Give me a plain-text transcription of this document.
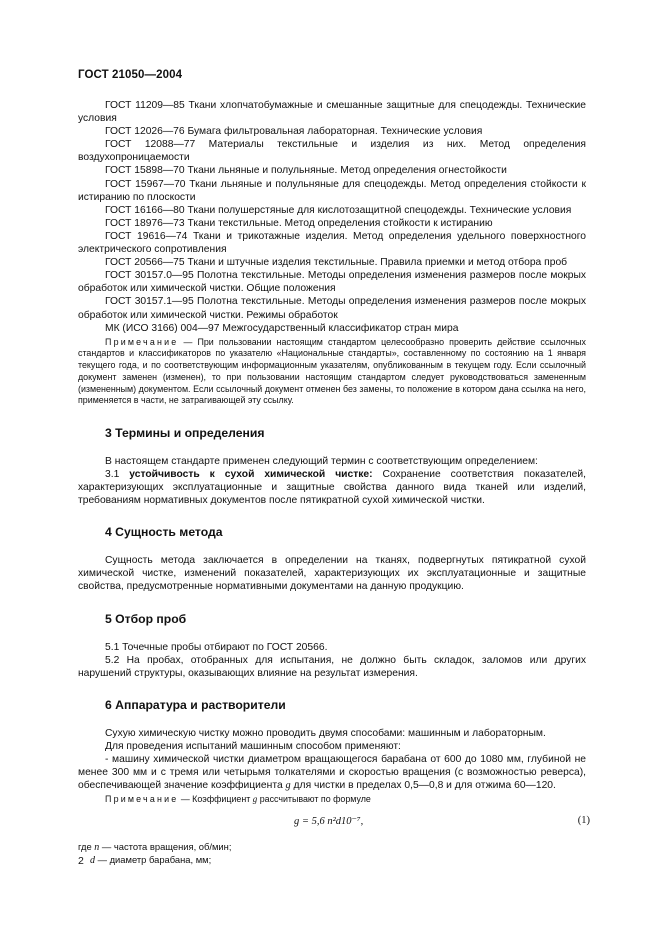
ГОСТ 21050—2004

ГОСТ 11209—85 Ткани хлопчатобумажные и смешанные защитные для спецодежды. Технические условия

ГОСТ 12026—76 Бумага фильтровальная лабораторная. Технические условия

ГОСТ 12088—77 Материалы текстильные и изделия из них. Метод определения воздухопроницаемости

ГОСТ 15898—70 Ткани льняные и полульняные. Метод определения огнестойкости

ГОСТ 15967—70 Ткани льняные и полульняные для спецодежды. Метод определения стойкости к истиранию по плоскости

ГОСТ 16166—80 Ткани полушерстяные для кислотозащитной спецодежды. Технические условия

ГОСТ 18976—73 Ткани текстильные. Метод определения стойкости к истиранию

ГОСТ 19616—74 Ткани и трикотажные изделия. Метод определения удельного поверхностного электрического сопротивления

ГОСТ 20566—75 Ткани и штучные изделия текстильные. Правила приемки и метод отбора проб

ГОСТ 30157.0—95 Полотна текстильные. Методы определения изменения размеров после мокрых обработок или химической чистки. Общие положения

ГОСТ 30157.1—95 Полотна текстильные. Методы определения изменения размеров после мокрых обработок или химической чистки. Режимы обработок

МК (ИСО 3166) 004—97 Межгосударственный классификатор стран мира

Примечание — При пользовании настоящим стандартом целесообразно проверить действие ссылочных стандартов и классификаторов по указателю «Национальные стандарты», составленному по состоянию на 1 января текущего года, и по соответствующим информационным указателям, опубликованным в текущем году. Если ссылочный документ заменен (изменен), то при пользовании настоящим стандартом следует руководствоваться замененным (измененным) документом. Если ссылочный документ отменен без замены, то положение в котором дана ссылка на него, применяется в части, не затрагивающей эту ссылку.

3 Термины и определения

В настоящем стандарте применен следующий термин с соответствующим определением:

3.1 устойчивость к сухой химической чистке: Сохранение соответствия показателей, характеризующих эксплуатационные и защитные свойства данного вида тканей или изделий, требованиям нормативных документов после пятикратной сухой химической чистки.

4 Сущность метода

Сущность метода заключается в определении на тканях, подвергнутых пятикратной сухой химической чистке, изменений показателей, характеризующих их эксплуатационные и защитные свойства, предусмотренные нормативными документами на данную продукцию.

5 Отбор проб

5.1 Точечные пробы отбирают по ГОСТ 20566.

5.2 На пробах, отобранных для испытания, не должно быть складок, заломов или других нарушений структуры, оказывающих влияние на результат измерения.

6 Аппаратура и растворители

Сухую химическую чистку можно проводить двумя способами: машинным и лабораторным.

Для проведения испытаний машинным способом применяют:

- машину химической чистки диаметром вращающегося барабана от 600 до 1080 мм, глубиной не менее 300 мм и с тремя или четырьмя толкателями и скоростью вращения (с возможностью реверса), обеспечивающей значение коэффициента g для чистки в пределах 0,5—0,8 и для отжима 60—120.

Примечание — Коэффициент g рассчитывают по формуле

g = 5,6 n²d10⁻⁷,	(1)
где n — частота вращения, об/мин;
d — диаметр барабана, мм;
2
